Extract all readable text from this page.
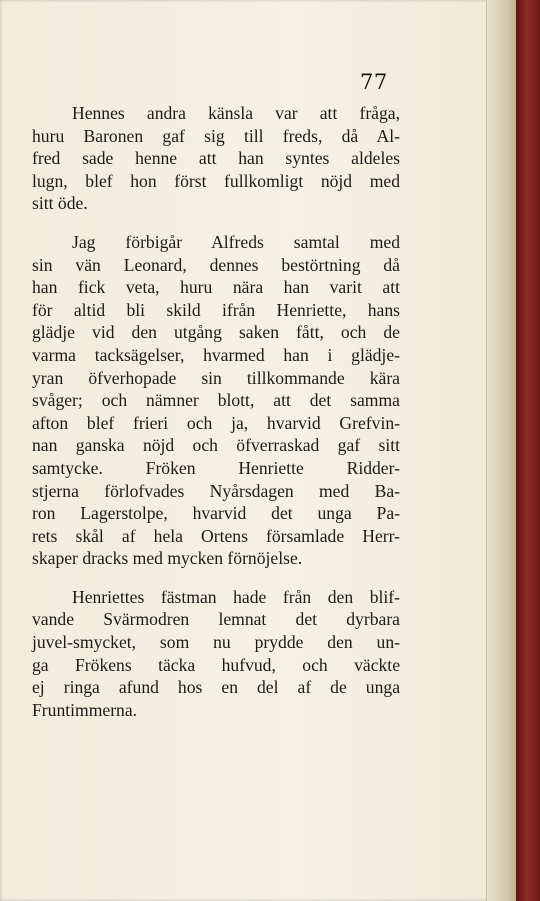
77

Hennes andra känsla var att fråga,
huru Baronen gaf sig till freds, då Al-
fred sade henne att han syntes aldeles
lugn, blef hon först fullkomligt nöjd med
sitt öde.

Jag förbigår Alfreds samtal med
sin vän Leonard, dennes bestörtning då
han fick veta, huru nära han varit att
för altid bli skild ifrån Henriette, hans
glädje vid den utgång saken fått, och de
varma tacksägelser, hvarmed han i glädje-
yran öfverhopade sin tillkommande kära
svåger; och nämner blott, att det samma
afton blef frieri och ja, hvarvid Grefvin-
nan ganska nöjd och öfverraskad gaf sitt
samtycke. Fröken Henriette Ridder-
stjerna förlofvades Nyårsdagen med Ba-
ron Lagerstolpe, hvarvid det unga Pa-
rets skål af hela Ortens församlade Herr-
skaper dracks med mycken förnöjelse.

Henriettes fästman hade från den blif-
vande Svärmodren lemnat det dyrbara
juvel-smycket, som nu prydde den un-
ga Frökens täcka hufvud, och väckte
ej ringa afund hos en del af de unga
Fruntimmerna.
